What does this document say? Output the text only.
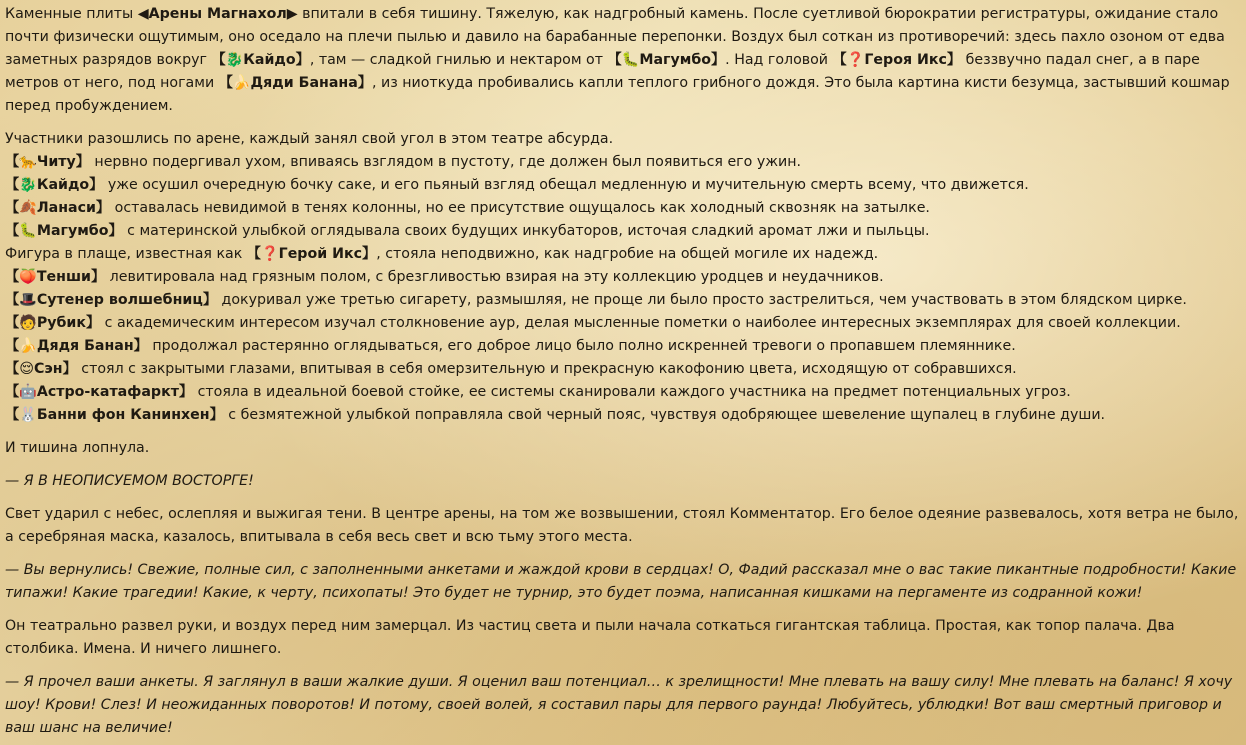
Каменные плиты ◀Арены Магнахол▶ впитали в себя тишину. Тяжелую, как надгробный камень. После суетливой бюрократии регистратуры, ожидание стало почти физически ощутимым, оно оседало на плечи пылью и давило на барабанные перепонки. Воздух был соткан из противоречий: здесь пахло озоном от едва заметных разрядов вокруг 【🐉Кайдо】, там — сладкой гнилью и нектаром от 【🐛Магумбо】. Над головой 【❓Героя Икс】 беззвучно падал снег, а в паре метров от него, под ногами 【🍌Дяди Банана】, из ниоткуда пробивались капли теплого грибного дождя. Это была картина кисти безумца, застывший кошмар перед пробуждением.

Участники разошлись по арене, каждый занял свой угол в этом театре абсурда.
【🐆Читу】 нервно подергивал ухом, впиваясь взглядом в пустоту, где должен был появиться его ужин.
【🐉Кайдо】 уже осушил очередную бочку саке, и его пьяный взгляд обещал медленную и мучительную смерть всему, что движется.
【🍂Ланаси】 оставалась невидимой в тенях колонны, но ее присутствие ощущалось как холодный сквозняк на затылке.
【🐛Магумбо】 с материнской улыбкой оглядывала своих будущих инкубаторов, источая сладкий аромат лжи и пыльцы.
Фигура в плаще, известная как 【❓Герой Икс】, стояла неподвижно, как надгробие на общей могиле их надежд.
【🍑Тенши】 левитировала над грязным полом, с брезгливостью взирая на эту коллекцию уродцев и неудачников.
【🎩Сутенер волшебниц】 докуривал уже третью сигарету, размышляя, не проще ли было просто застрелиться, чем участвовать в этом блядском цирке.
【🧑Рубик】 с академическим интересом изучал столкновение аур, делая мысленные пометки о наиболее интересных экземплярах для своей коллекции.
【🍌Дядя Банан】 продолжал растерянно оглядываться, его доброе лицо было полно искренней тревоги о пропавшем племяннике.
【😌Сэн】 стоял с закрытыми глазами, впитывая в себя омерзительную и прекрасную какофонию цвета, исходящую от собравшихся.
【🤖Астро-катафаркт】 стояла в идеальной боевой стойке, ее системы сканировали каждого участника на предмет потенциальных угроз.
【🐰Банни фон Канинхен】 с безмятежной улыбкой поправляла свой черный пояс, чувствуя одобряющее шевеление щупалец в глубине души.

И тишина лопнула.

— Я В НЕОПИСУЕМОМ ВОСТОРГЕ!

Свет ударил с небес, ослепляя и выжигая тени. В центре арены, на том же возвышении, стоял Комментатор. Его белое одеяние развевалось, хотя ветра не было, а серебряная маска, казалось, впитывала в себя весь свет и всю тьму этого места.

— Вы вернулись! Свежие, полные сил, с заполненными анкетами и жаждой крови в сердцах! О, Фадий рассказал мне о вас такие пикантные подробности! Какие типажи! Какие трагедии! Какие, к черту, психопаты! Это будет не турнир, это будет поэма, написанная кишками на пергаменте из содранной кожи!

Он театрально развел руки, и воздух перед ним замерцал. Из частиц света и пыли начала соткаться гигантская таблица. Простая, как топор палача. Два столбика. Имена. И ничего лишнего.

— Я прочел ваши анкеты. Я заглянул в ваши жалкие души. Я оценил ваш потенциал… к зрелищности! Мне плевать на вашу силу! Мне плевать на баланс! Я хочу шоу! Крови! Слез! И неожиданных поворотов! И потому, своей волей, я составил пары для первого раунда! Любуйтесь, ублюдки! Вот ваш смертный приговор и ваш шанс на величие!
